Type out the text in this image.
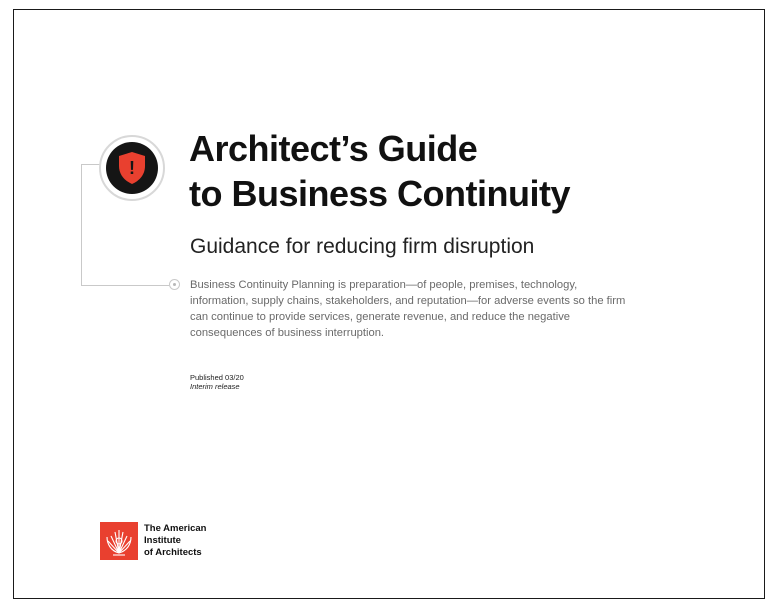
! Architect’s Guide
to Business Continuity
Guidance for reducing firm disruption

Business Continuity Planning is preparation—of people, premises, technology, information, supply chains, stakeholders, and reputation—for adverse events so the firm can continue to provide services, generate revenue, and reduce the negative consequences of business interruption.

Published 03/20
Interim release
The American
Institute
of Architects
